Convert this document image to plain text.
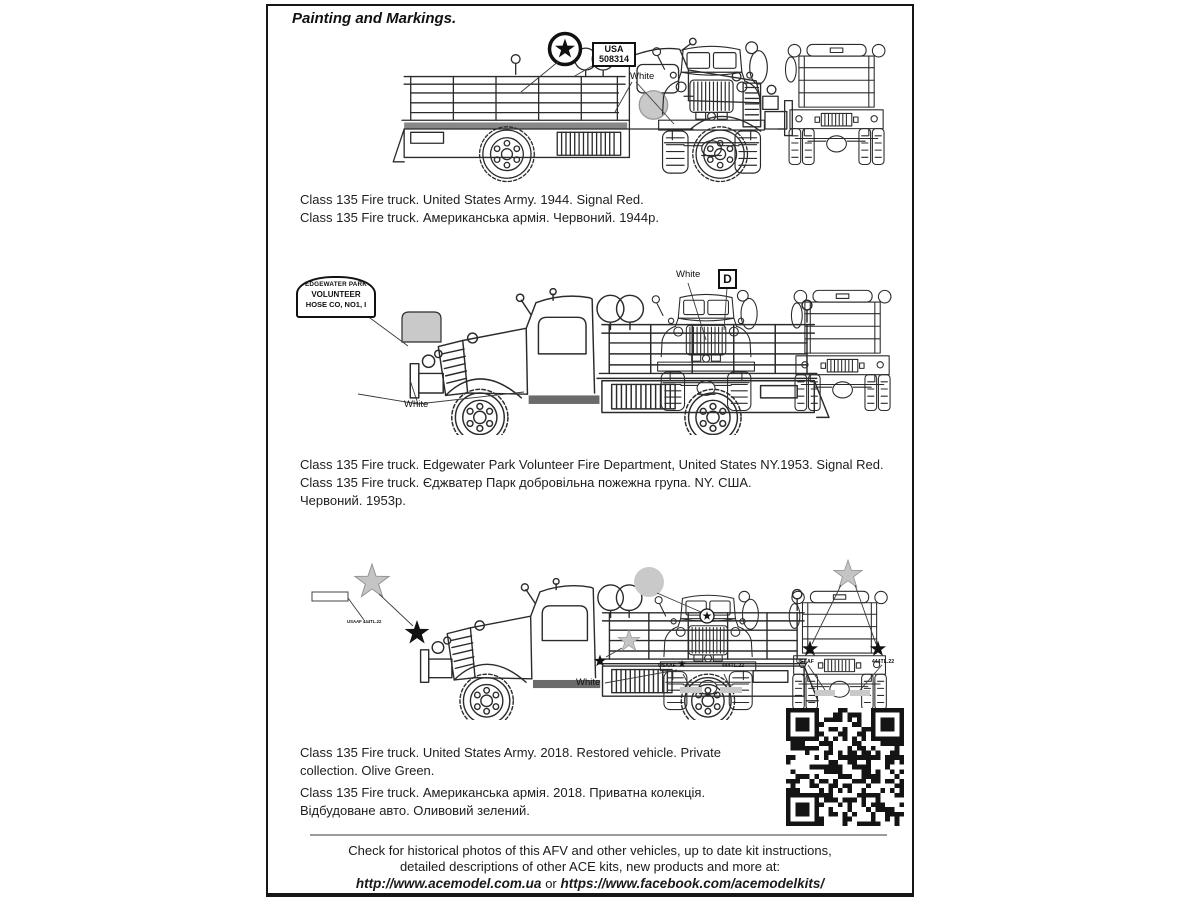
Painting and Markings.
USA
508314
White
Class 135 Fire truck. United States Army. 1944. Signal Red.
Class 135 Fire truck. Американська армія. Червоний. 1944р.
EDGEWATER PARK
VOLUNTEER
HOSE CO, NO1, I
White
White	D
Class 135 Fire truck. Edgewater Park Volunteer Fire Department, United States NY.1953. Signal Red.
Class 135 Fire truck. Єджватер Парк добровільна пожежна група. NY. США.
Червоний. 1953р.
USAAF 444TL.22
USAAF	444TL.22
USAAF	444TL.22
White

Class 135 Fire truck. United States Army. 2018. Restored vehicle. Private collection. Olive Green.

Class 135 Fire truck. Американська армія. 2018. Приватна колекція. Відбудоване авто. Оливовий зелений.

Check for historical photos of this AFV and other vehicles, up to date kit instructions,
detailed descriptions of other ACE kits, new products and more at:
http://www.acemodel.com.ua or https://www.facebook.com/acemodelkits/
